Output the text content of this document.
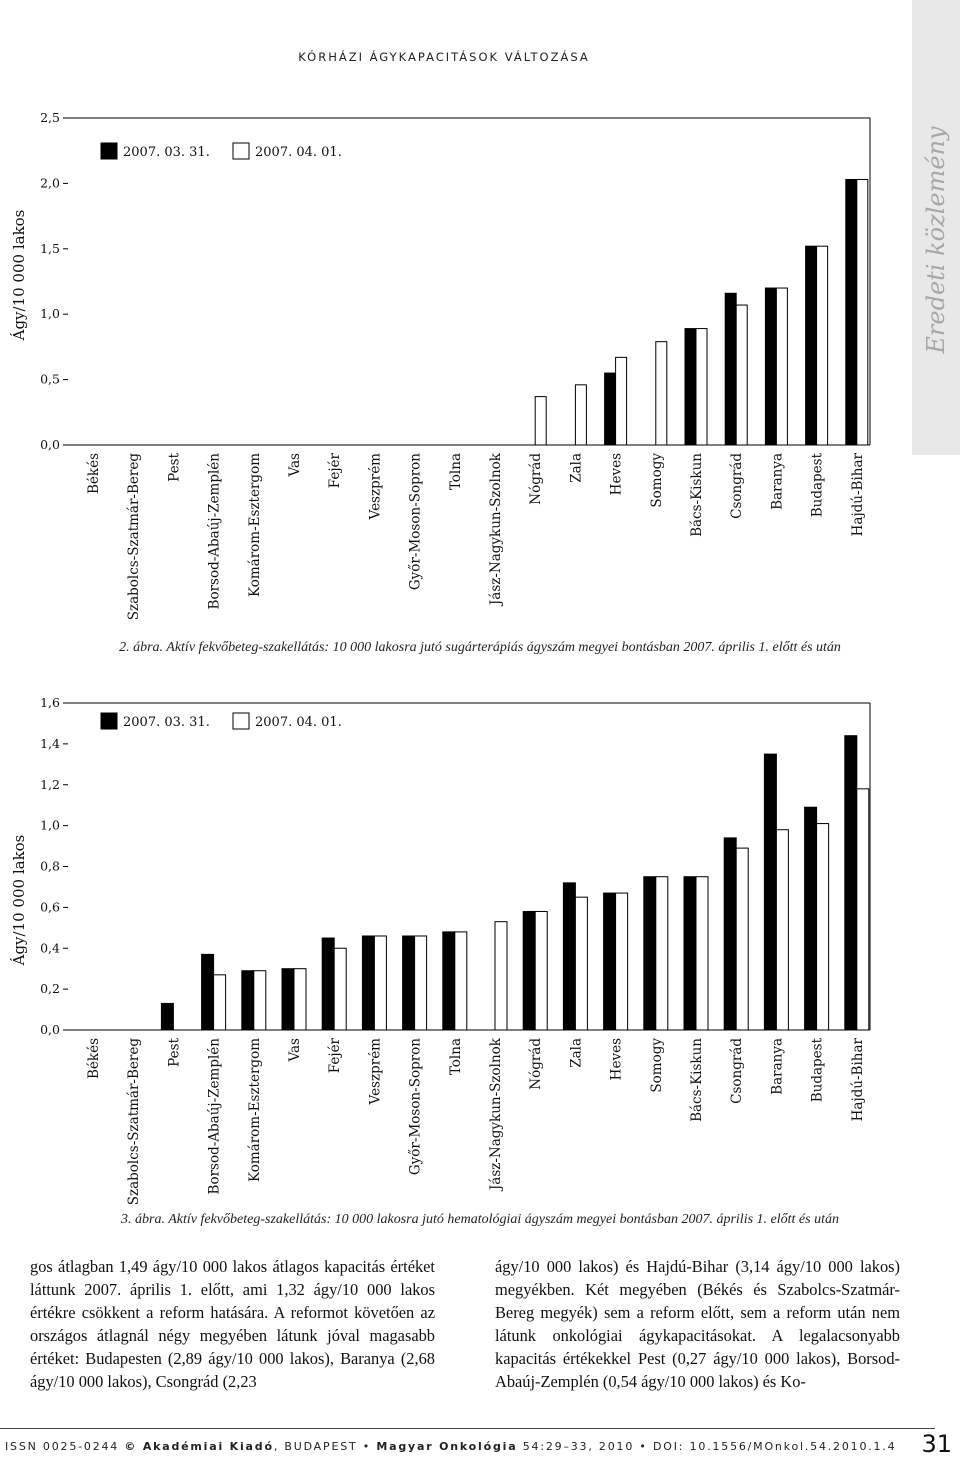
KÓRHÁZI ÁGYKAPACITÁSOK VÁLTOZÁSA
Eredeti közlemény
0,0
0,5
1,0
1,5
2,0
2,5
Ágy/10 000 lakos
Békés Szabolcs-Szatmár-Bereg Pest Borsod-Abaúj-Zemplén Komárom-Esztergom Vas Fejér Veszprém Győr-Moson-Sopron Tolna Jász-Nagykun-Szolnok Nógrád Zala Heves Somogy Bács-Kiskun Csongrád Baranya Budapest Hajdú-Bihar
2007. 03. 31.	2007. 04. 01.
2. ábra. Aktív fekvőbeteg-szakellátás: 10 000 lakosra jutó sugárterápiás ágyszám megyei bontásban 2007. április 1. előtt és után
0,0
0,2
0,4
0,6
0,8
1,0
1,2
1,4
1,6
Ágy/10 000 lakos
Békés Szabolcs-Szatmár-Bereg Pest Borsod-Abaúj-Zemplén Komárom-Esztergom Vas Fejér Veszprém Győr-Moson-Sopron Tolna Jász-Nagykun-Szolnok Nógrád Zala Heves Somogy Bács-Kiskun Csongrád Baranya Budapest Hajdú-Bihar
2007. 03. 31.	2007. 04. 01.
3. ábra. Aktív fekvőbeteg-szakellátás: 10 000 lakosra jutó hematológiai ágyszám megyei bontásban 2007. április 1. előtt és után
gos átlagban 1,49 ágy/10 000 lakos átlagos kapacitás értéket láttunk 2007. április 1. előtt, ami 1,32 ágy/10 000 lakos értékre csökkent a reform hatására. A reformot követően az országos átlagnál négy megyében látunk jóval magasabb értéket: Budapesten (2,89 ágy/10 000 lakos), Baranya (2,68 ágy/10 000 lakos), Csongrád (2,23
ágy/10 000 lakos) és Hajdú-Bihar (3,14 ágy/10 000 lakos) megyékben. Két megyében (Békés és Szabolcs-Szatmár-Bereg megyék) sem a reform előtt, sem a reform után nem látunk onkológiai ágykapacitásokat. A legalacsonyabb kapacitás értékekkel Pest (0,27 ágy/10 000 lakos), Borsod-Abaúj-Zemplén (0,54 ágy/10 000 lakos) és Ko-
ISSN 0025-0244 © Akadémiai Kiadó, BUDAPEST • Magyar Onkológia 54:29–33, 2010 • DOI: 10.1556/MOnkol.54.2010.1.4 31
